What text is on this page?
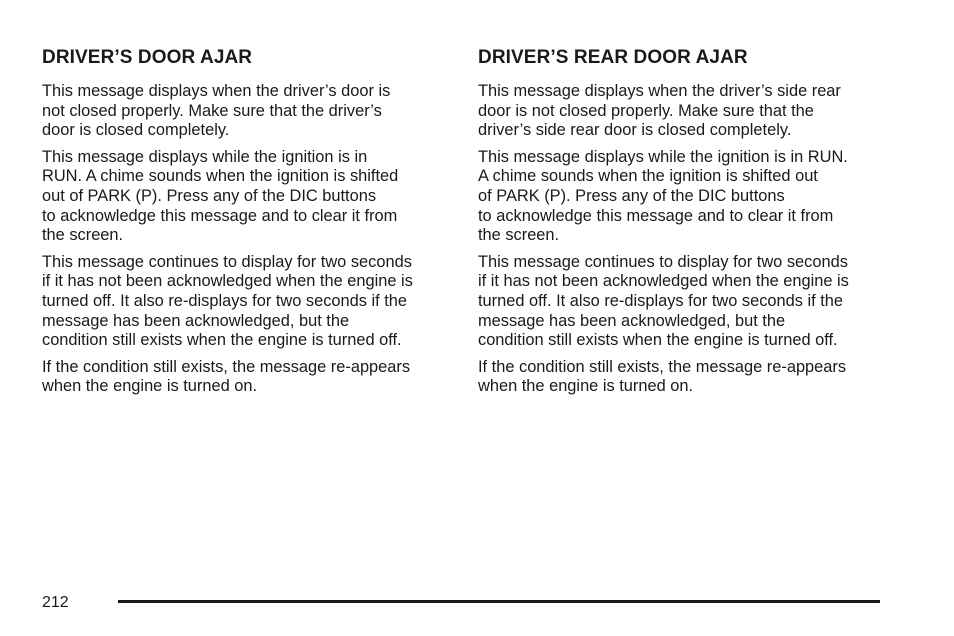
DRIVER’S DOOR AJAR

This message displays when the driver’s door is
not closed properly. Make sure that the driver’s
door is closed completely.

This message displays while the ignition is in
RUN. A chime sounds when the ignition is shifted
out of PARK (P). Press any of the DIC buttons
to acknowledge this message and to clear it from
the screen.

This message continues to display for two seconds
if it has not been acknowledged when the engine is
turned off. It also re-displays for two seconds if the
message has been acknowledged, but the
condition still exists when the engine is turned off.

If the condition still exists, the message re-appears
when the engine is turned on.

DRIVER’S REAR DOOR AJAR

This message displays when the driver’s side rear
door is not closed properly. Make sure that the
driver’s side rear door is closed completely.

This message displays while the ignition is in RUN.
A chime sounds when the ignition is shifted out
of PARK (P). Press any of the DIC buttons
to acknowledge this message and to clear it from
the screen.

This message continues to display for two seconds
if it has not been acknowledged when the engine is
turned off. It also re-displays for two seconds if the
message has been acknowledged, but the
condition still exists when the engine is turned off.

If the condition still exists, the message re-appears
when the engine is turned on.

212
